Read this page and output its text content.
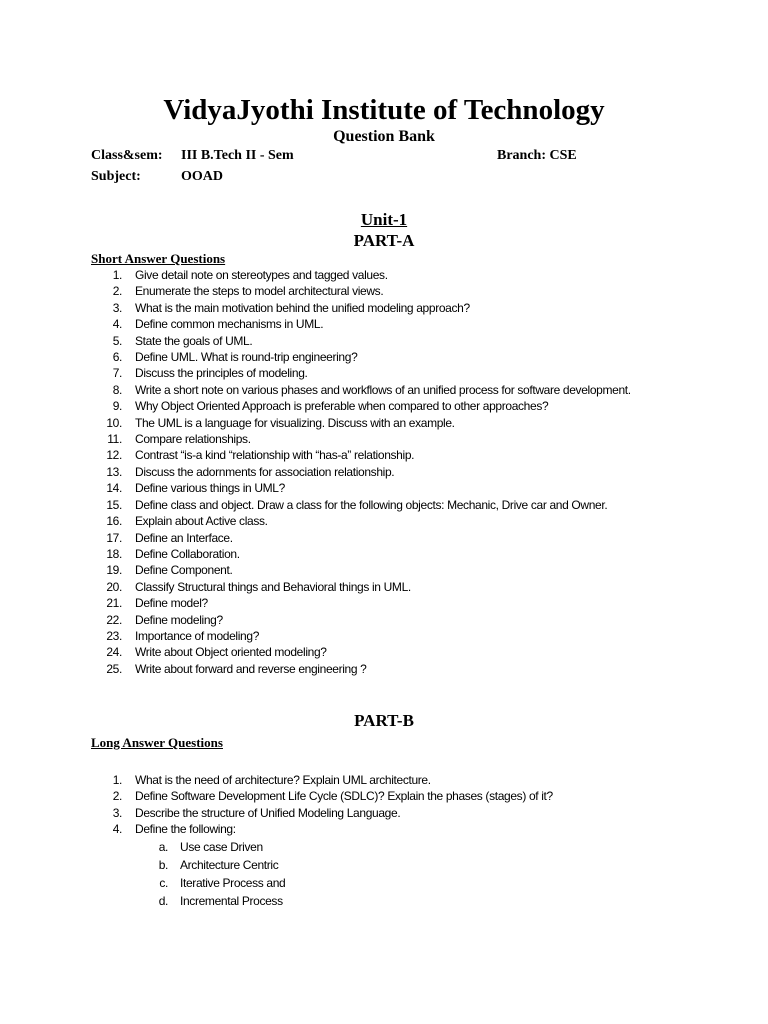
VidyaJyothi Institute of Technology
Question Bank
Class&sem: III B.Tech II - Sem	Branch: CSE
Subject:	OOAD
Unit-1
PART-A
Short Answer Questions
1. Give detail note on stereotypes and tagged values.
2. Enumerate the steps to model architectural views.
3. What is the main motivation behind the unified modeling approach?
4. Define common mechanisms in UML.
5. State the goals of UML.
6. Define UML. What is round-trip engineering?
7. Discuss the principles of modeling.
8. Write a short note on various phases and workflows of an unified process for software development.
9. Why Object Oriented Approach is preferable when compared to other approaches?
10. The UML is a language for visualizing. Discuss with an example.
11. Compare relationships.
12. Contrast “is-a kind “relationship with “has-a” relationship.
13. Discuss the adornments for association relationship.
14. Define various things in UML?
15. Define class and object. Draw a class for the following objects: Mechanic, Drive car and Owner.
16. Explain about Active class.
17. Define an Interface.
18. Define Collaboration.
19. Define Component.
20. Classify Structural things and Behavioral things in UML.
21. Define model?
22. Define modeling?
23. Importance of modeling?
24. Write about Object oriented modeling?
25. Write about forward and reverse engineering ?
PART-B
Long Answer Questions
1. What is the need of architecture? Explain UML architecture.
2. Define Software Development Life Cycle (SDLC)? Explain the phases (stages) of it?
3. Describe the structure of Unified Modeling Language.
4. Define the following:
a. Use case Driven
b. Architecture Centric
c. Iterative Process and
d. Incremental Process
